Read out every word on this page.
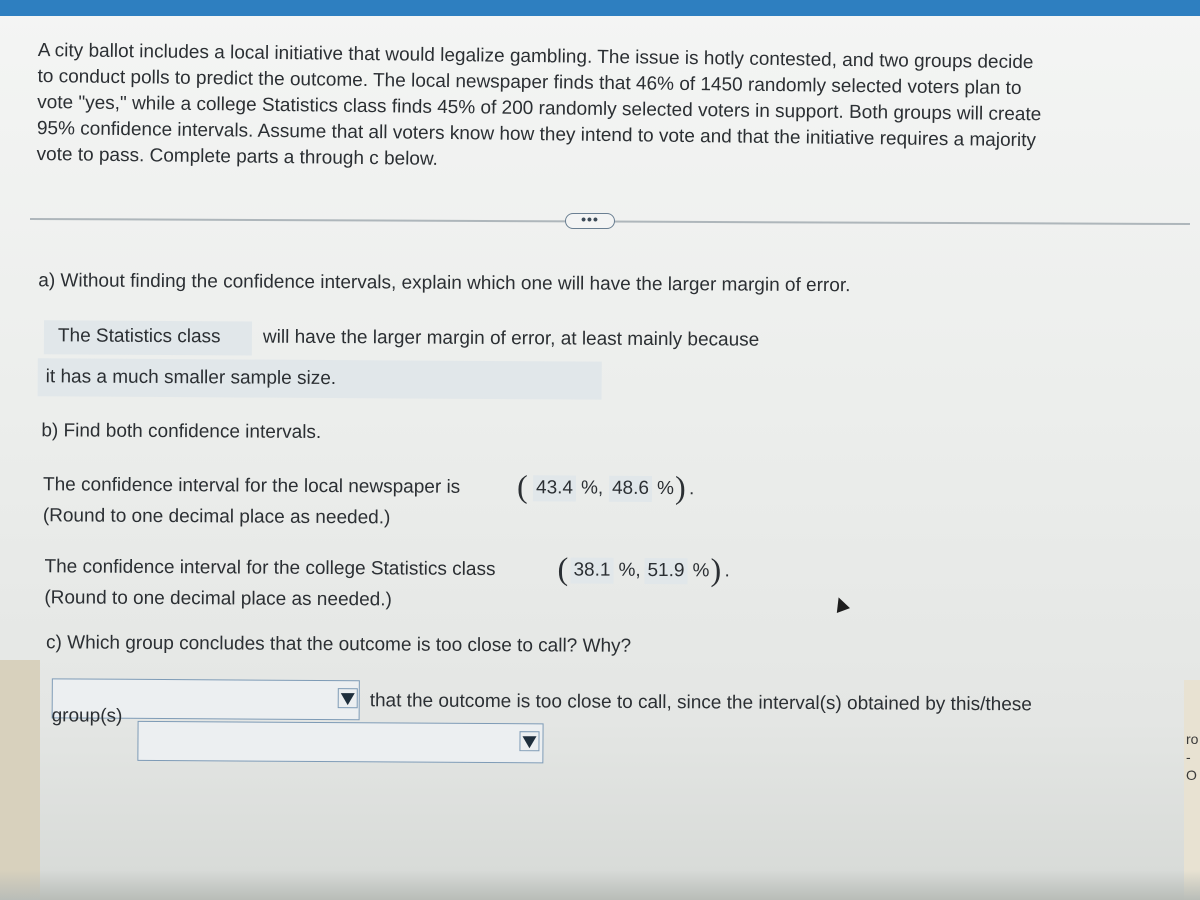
A city ballot includes a local initiative that would legalize gambling. The issue is hotly contested, and two groups decide
to conduct polls to predict the outcome. The local newspaper finds that 46% of 1450 randomly selected voters plan to
vote "yes," while a college Statistics class finds 45% of 200 randomly selected voters in support. Both groups will create
95% confidence intervals. Assume that all voters know how they intend to vote and that the initiative requires a majority
vote to pass. Complete parts a through c below.

•••
a) Without finding the confidence intervals, explain which one will have the larger margin of error.
The Statistics class will have the larger margin of error, at least mainly because
it has a much smaller sample size.
b) Find both confidence intervals.
The confidence interval for the local newspaper is ( 43.4 %, 48.6 % ) .
(Round to one decimal place as needed.)
The confidence interval for the college Statistics class ( 38.1 %, 51.9 % ) .
(Round to one decimal place as needed.)
c) Which group concludes that the outcome is too close to call? Why?
that the outcome is too close to call, since the interval(s) obtained by this/these
group(s)
ro
-O
